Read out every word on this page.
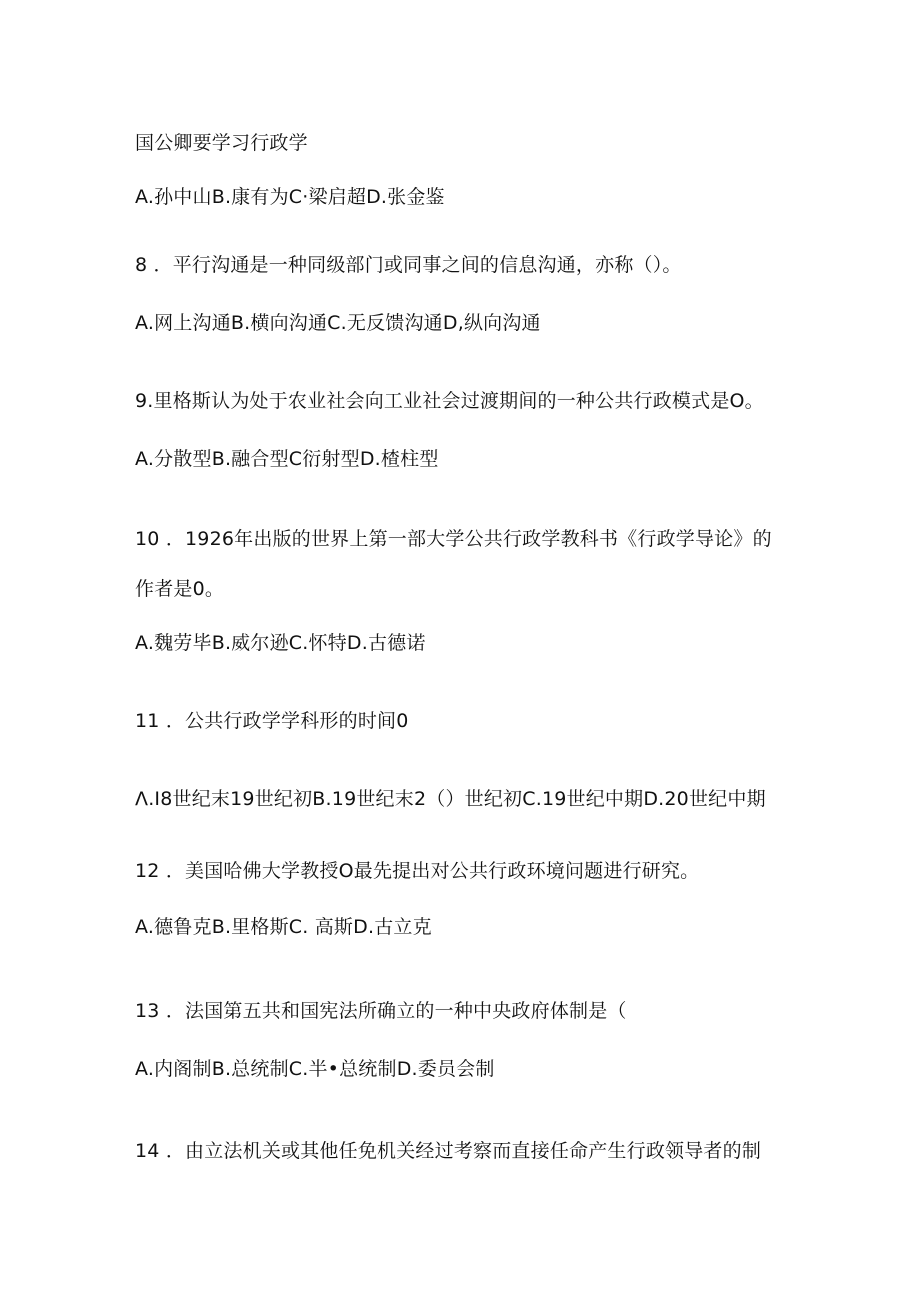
国公卿要学习行政学

A.孙中山B.康有为C·梁启超D.张金鉴

8 ．平行沟通是一种同级部门或同事之间的信息沟通，亦称（）。

A.网上沟通B.横向沟通C.无反馈沟通D,纵向沟通

9.里格斯认为处于农业社会向工业社会过渡期间的一种公共行政模式是O。

A.分散型B.融合型C衍射型D.楂柱型

10 ．1926年出版的世界上第一部大学公共行政学教科书《行政学导论》的

作者是0。

A.魏劳毕B.威尔逊C.怀特D.古德诺

11 ．公共行政学学科形的时间0

Λ.I8世纪末19世纪初B.19世纪末2（）世纪初C.19世纪中期D.20世纪中期

12 ．美国哈佛大学教授O最先提出对公共行政环境问题进行研究。

A.德鲁克B.里格斯C. 高斯D.古立克

13 ．法国第五共和国宪法所确立的一种中央政府体制是（

A.内阁制B.总统制C.半•总统制D.委员会制

14 ．由立法机关或其他任免机关经过考察而直接任命产生行政领导者的制
